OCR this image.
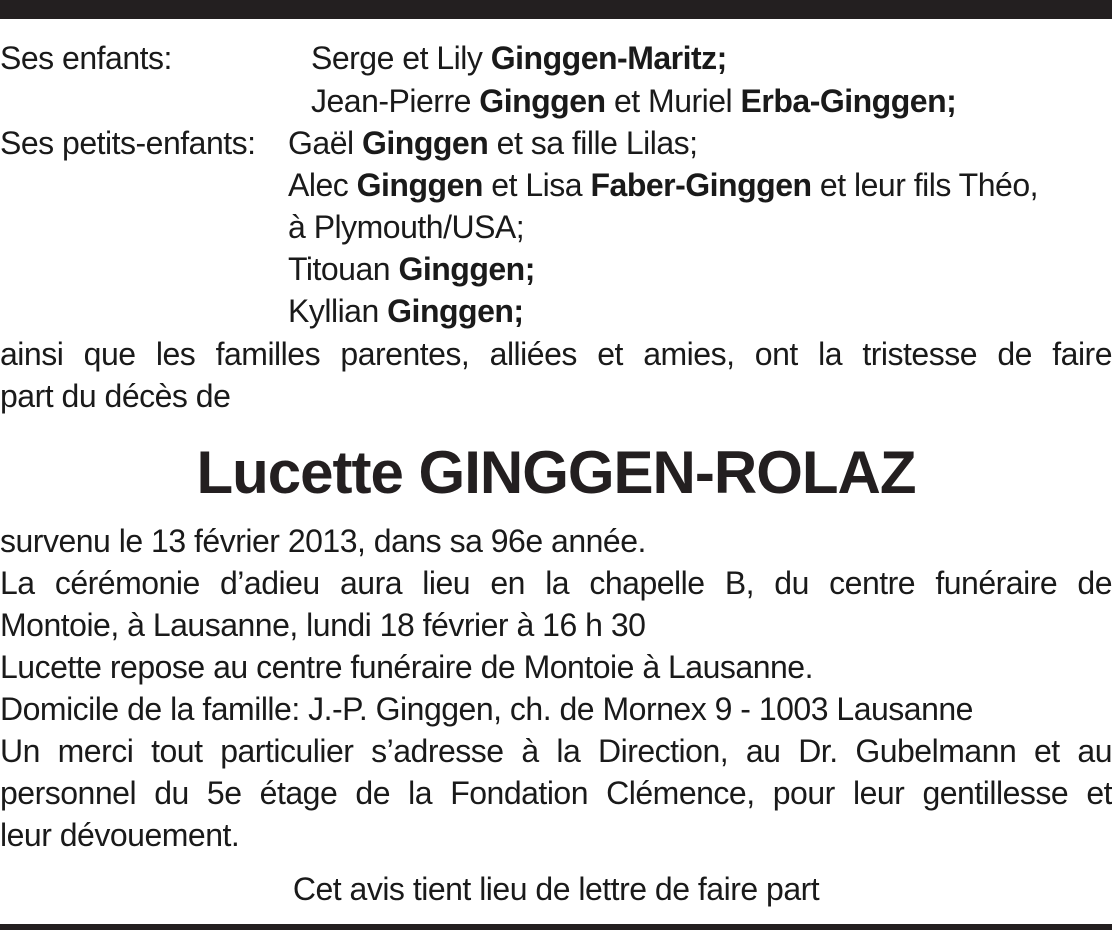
Ses enfants:	Serge et Lily Ginggen-Maritz;
Jean-Pierre Ginggen et Muriel Erba-Ginggen;
Ses petits-enfants: Gaël Ginggen et sa fille Lilas;
Alec Ginggen et Lisa Faber-Ginggen et leur fils Théo,
à Plymouth/USA;
Titouan Ginggen;
Kyllian Ginggen;
ainsi que les familles parentes, alliées et amies, ont la tristesse de faire
part du décès de
Lucette GINGGEN-ROLAZ
survenu le 13 février 2013, dans sa 96e année.
La cérémonie d’adieu aura lieu en la chapelle B, du centre funéraire de
Montoie, à Lausanne, lundi 18 février à 16 h 30
Lucette repose au centre funéraire de Montoie à Lausanne.
Domicile de la famille: J.-P. Ginggen, ch. de Mornex 9 - 1003 Lausanne
Un merci tout particulier s’adresse à la Direction, au Dr. Gubelmann et au
personnel du 5e étage de la Fondation Clémence, pour leur gentillesse et
leur dévouement.
Cet avis tient lieu de lettre de faire part
